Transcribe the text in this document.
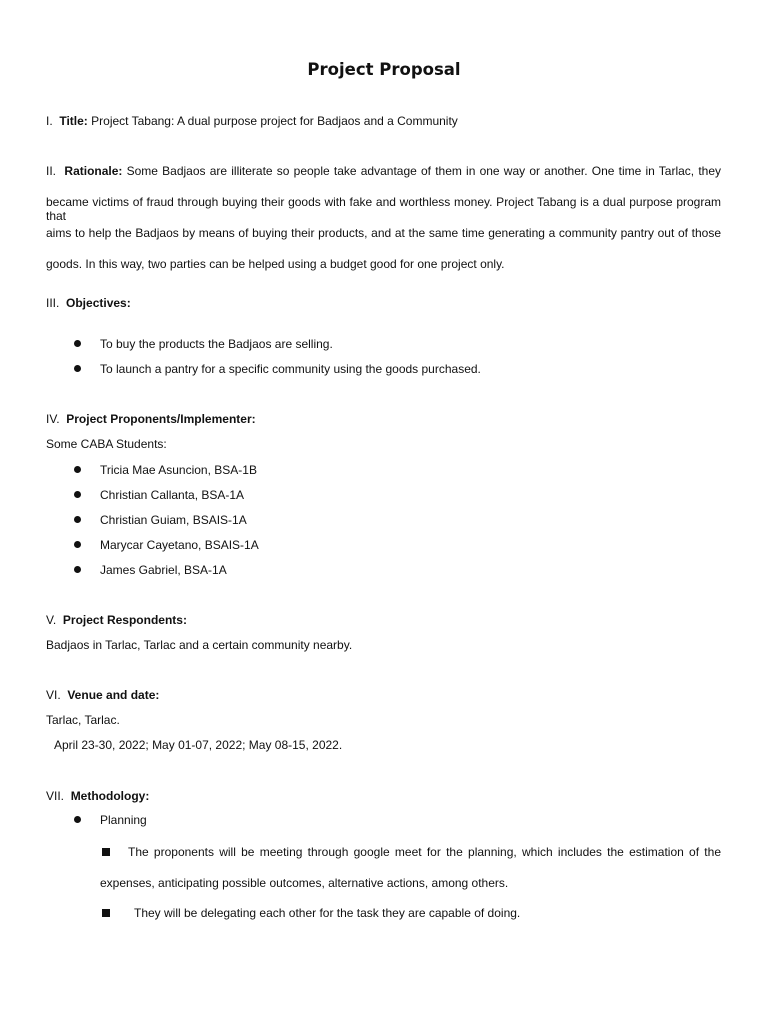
Project Proposal
I. Title: Project Tabang: A dual purpose project for Badjaos and a Community
II. Rationale: Some Badjaos are illiterate so people take advantage of them in one way or another. One time in Tarlac, they
became victims of fraud through buying their goods with fake and worthless money. Project Tabang is a dual purpose program that
aims to help the Badjaos by means of buying their products, and at the same time generating a community pantry out of those
goods. In this way, two parties can be helped using a budget good for one project only.
III. Objectives:
To buy the products the Badjaos are selling.
To launch a pantry for a specific community using the goods purchased.
IV. Project Proponents/Implementer:
Some CABA Students:
Tricia Mae Asuncion, BSA-1B
Christian Callanta, BSA-1A
Christian Guiam, BSAIS-1A
Marycar Cayetano, BSAIS-1A
James Gabriel, BSA-1A
V. Project Respondents:
Badjaos in Tarlac, Tarlac and a certain community nearby.
VI. Venue and date:
Tarlac, Tarlac.
April 23-30, 2022; May 01-07, 2022; May 08-15, 2022.
VII. Methodology:
Planning
The proponents will be meeting through google meet for the planning, which includes the estimation of the
expenses, anticipating possible outcomes, alternative actions, among others.
They will be delegating each other for the task they are capable of doing.
